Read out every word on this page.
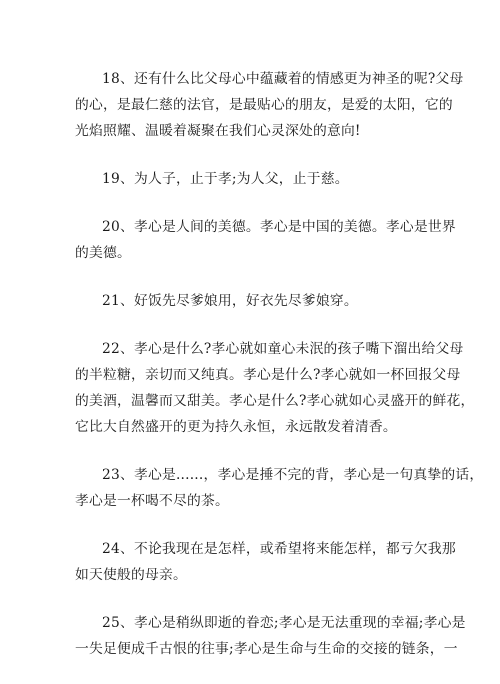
18、还有什么比父母心中蕴藏着的情感更为神圣的呢?父母
的心，是最仁慈的法官，是最贴心的朋友，是爱的太阳，它的
光焰照耀、温暖着凝聚在我们心灵深处的意向!

19、为人子，止于孝;为人父，止于慈。

20、孝心是人间的美德。孝心是中国的美德。孝心是世界
的美德。

21、好饭先尽爹娘用，好衣先尽爹娘穿。

22、孝心是什么?孝心就如童心未泯的孩子嘴下溜出给父母
的半粒糖，亲切而又纯真。孝心是什么?孝心就如一杯回报父母
的美酒，温馨而又甜美。孝心是什么?孝心就如心灵盛开的鲜花，
它比大自然盛开的更为持久永恒，永远散发着清香。

23、孝心是......，孝心是捶不完的背，孝心是一句真挚的话，
孝心是一杯喝不尽的茶。

24、不论我现在是怎样，或希望将来能怎样，都亏欠我那
如天使般的母亲。

25、孝心是稍纵即逝的眷恋;孝心是无法重现的幸福;孝心是
一失足便成千古恨的往事;孝心是生命与生命的交接的链条，一
